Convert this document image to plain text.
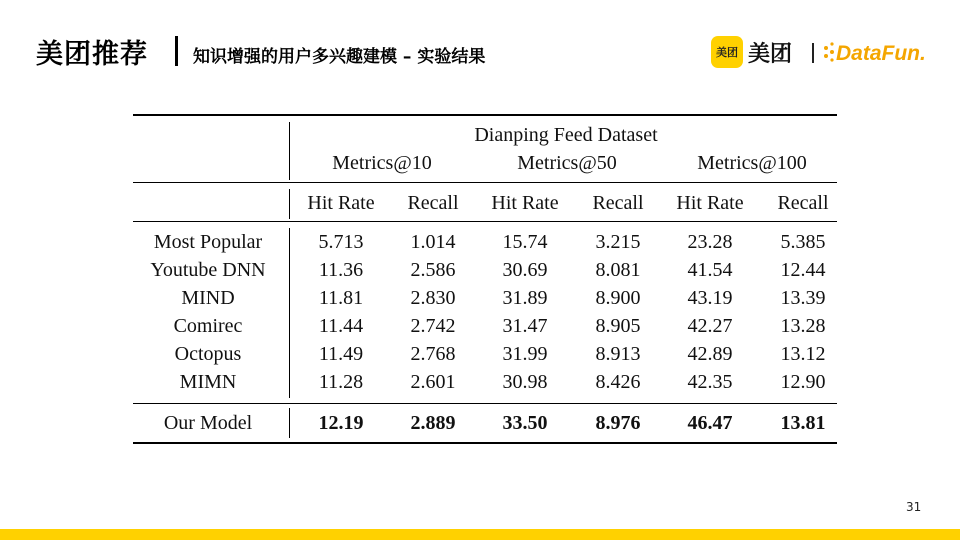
美团推荐	知识增强的用户多兴趣建模 – 实验结果	美团 美团 DataFun.
Dianping Feed Dataset
Metrics@10	Metrics@50	Metrics@100
Hit Rate Recall Hit Rate Recall Hit Rate Recall
Most Popular	5.713 1.014 15.74 3.215 23.28 5.385
Youtube DNN	11.36 2.586 30.69 8.081 41.54 12.44
MIND	11.81 2.830 31.89 8.900 43.19 13.39
Comirec	11.44 2.742 31.47 8.905 42.27 13.28
Octopus	11.49 2.768 31.99 8.913 42.89 13.12
MIMN	11.28 2.601 30.98 8.426 42.35 12.90
Our Model	12.19 2.889 33.50 8.976 46.47 13.81
31
